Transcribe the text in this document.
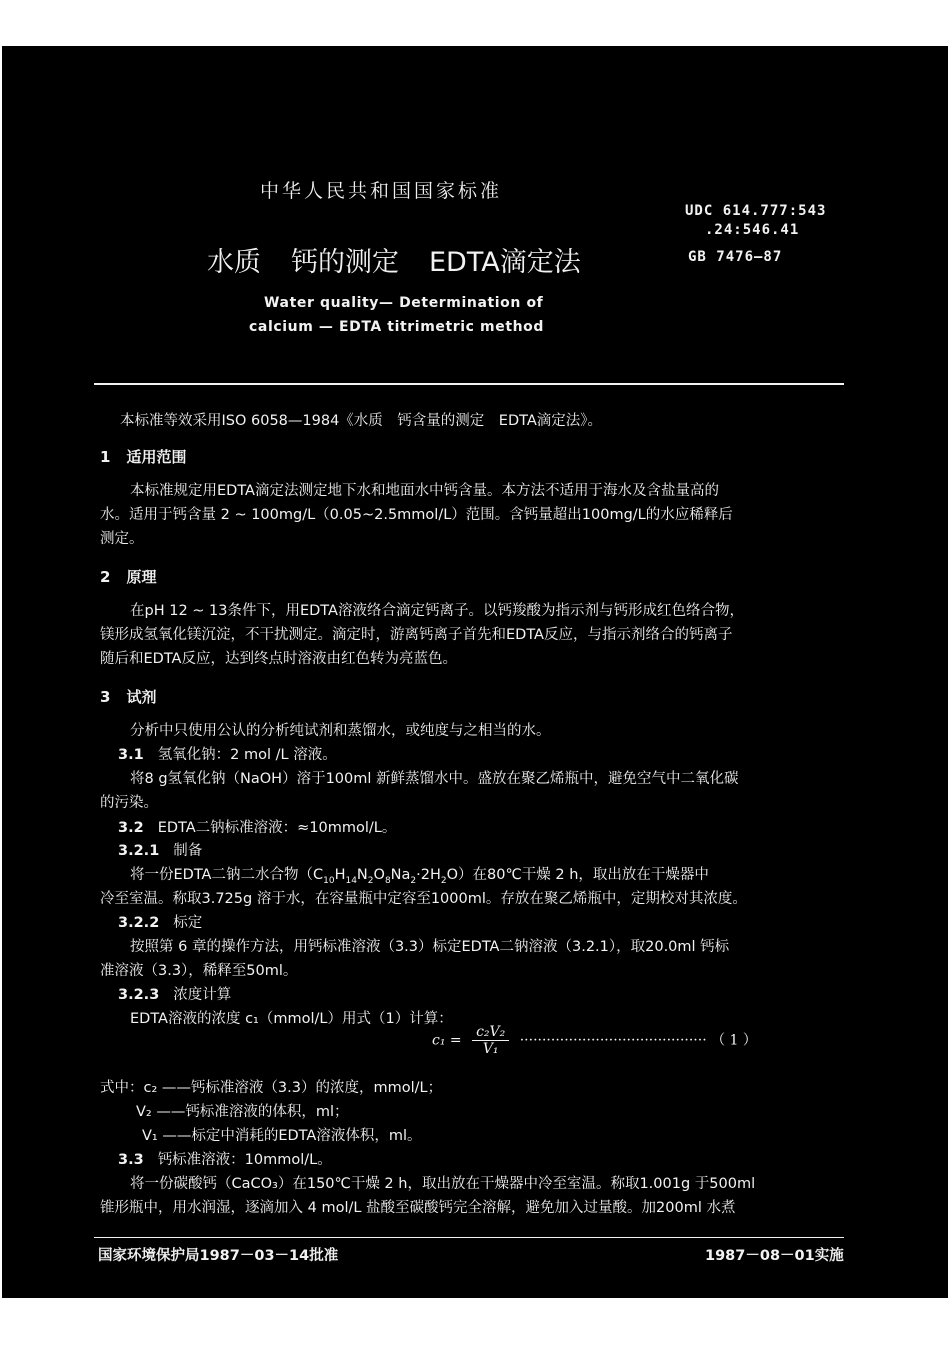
中华人民共和国国家标准
水质 钙的测定 EDTA滴定法
Water quality— Determination of
calcium — EDTA titrimetric method
UDC 614.777:543
.24:546.41
GB 7476—87
本标准等效采用ISO 6058—1984《水质　钙含量的测定　EDTA滴定法》。
1 适用范围
本标准规定用EDTA滴定法测定地下水和地面水中钙含量。本方法不适用于海水及含盐量高的
水。适用于钙含量 2 ~ 100mg/L（0.05~2.5mmol/L）范围。含钙量超出100mg/L的水应稀释后
测定。
2 原理
在pH 12 ~ 13条件下，用EDTA溶液络合滴定钙离子。以钙羧酸为指示剂与钙形成红色络合物，
镁形成氢氧化镁沉淀，不干扰测定。滴定时，游离钙离子首先和EDTA反应，与指示剂络合的钙离子
随后和EDTA反应，达到终点时溶液由红色转为亮蓝色。
3 试剂
分析中只使用公认的分析纯试剂和蒸馏水，或纯度与之相当的水。
3.1 氢氧化钠：2 mol /L 溶液。
将8 g氢氧化钠（NaOH）溶于100ml 新鲜蒸馏水中。盛放在聚乙烯瓶中，避免空气中二氧化碳
的污染。
3.2 EDTA二钠标准溶液：≈10mmol/L。
3.2.1 制备
将一份EDTA二钠二水合物$(C_{10}H_{14}N_2O_8Na_2\cdot 2H_2O)$在80℃干燥 2 h，取出放在干燥器中
冷至室温。称取3.725g 溶于水，在容量瓶中定容至1000ml。存放在聚乙烯瓶中，定期校对其浓度。
3.2.2 标定
按照第 6 章的操作方法，用钙标准溶液（3.3）标定EDTA二钠溶液（3.2.1），取20.0ml 钙标
准溶液（3.3），稀释至50ml。
3.2.3 浓度计算
EDTA溶液的浓度 c₁（mmol/L）用式（1）计算：
$c_1 = \frac{\text{c₂V₂}}{\text{V₁}}$ ·········································· （ 1 ）
式中：c₂ ——钙标准溶液（3.3）的浓度，mmol/L；
V₂ ——钙标准溶液的体积，ml；
V₁ ——标定中消耗的EDTA溶液体积，ml。
3.3 钙标准溶液：10mmol/L。
将一份碳酸钙（CaCO₃）在150℃干燥 2 h，取出放在干燥器中冷至室温。称取1.001g 于500ml
锥形瓶中，用水润湿，逐滴加入 4 mol/L 盐酸至碳酸钙完全溶解，避免加入过量酸。加200ml 水煮
国家环境保护局1987－03－14批准	1987－08－01实施
